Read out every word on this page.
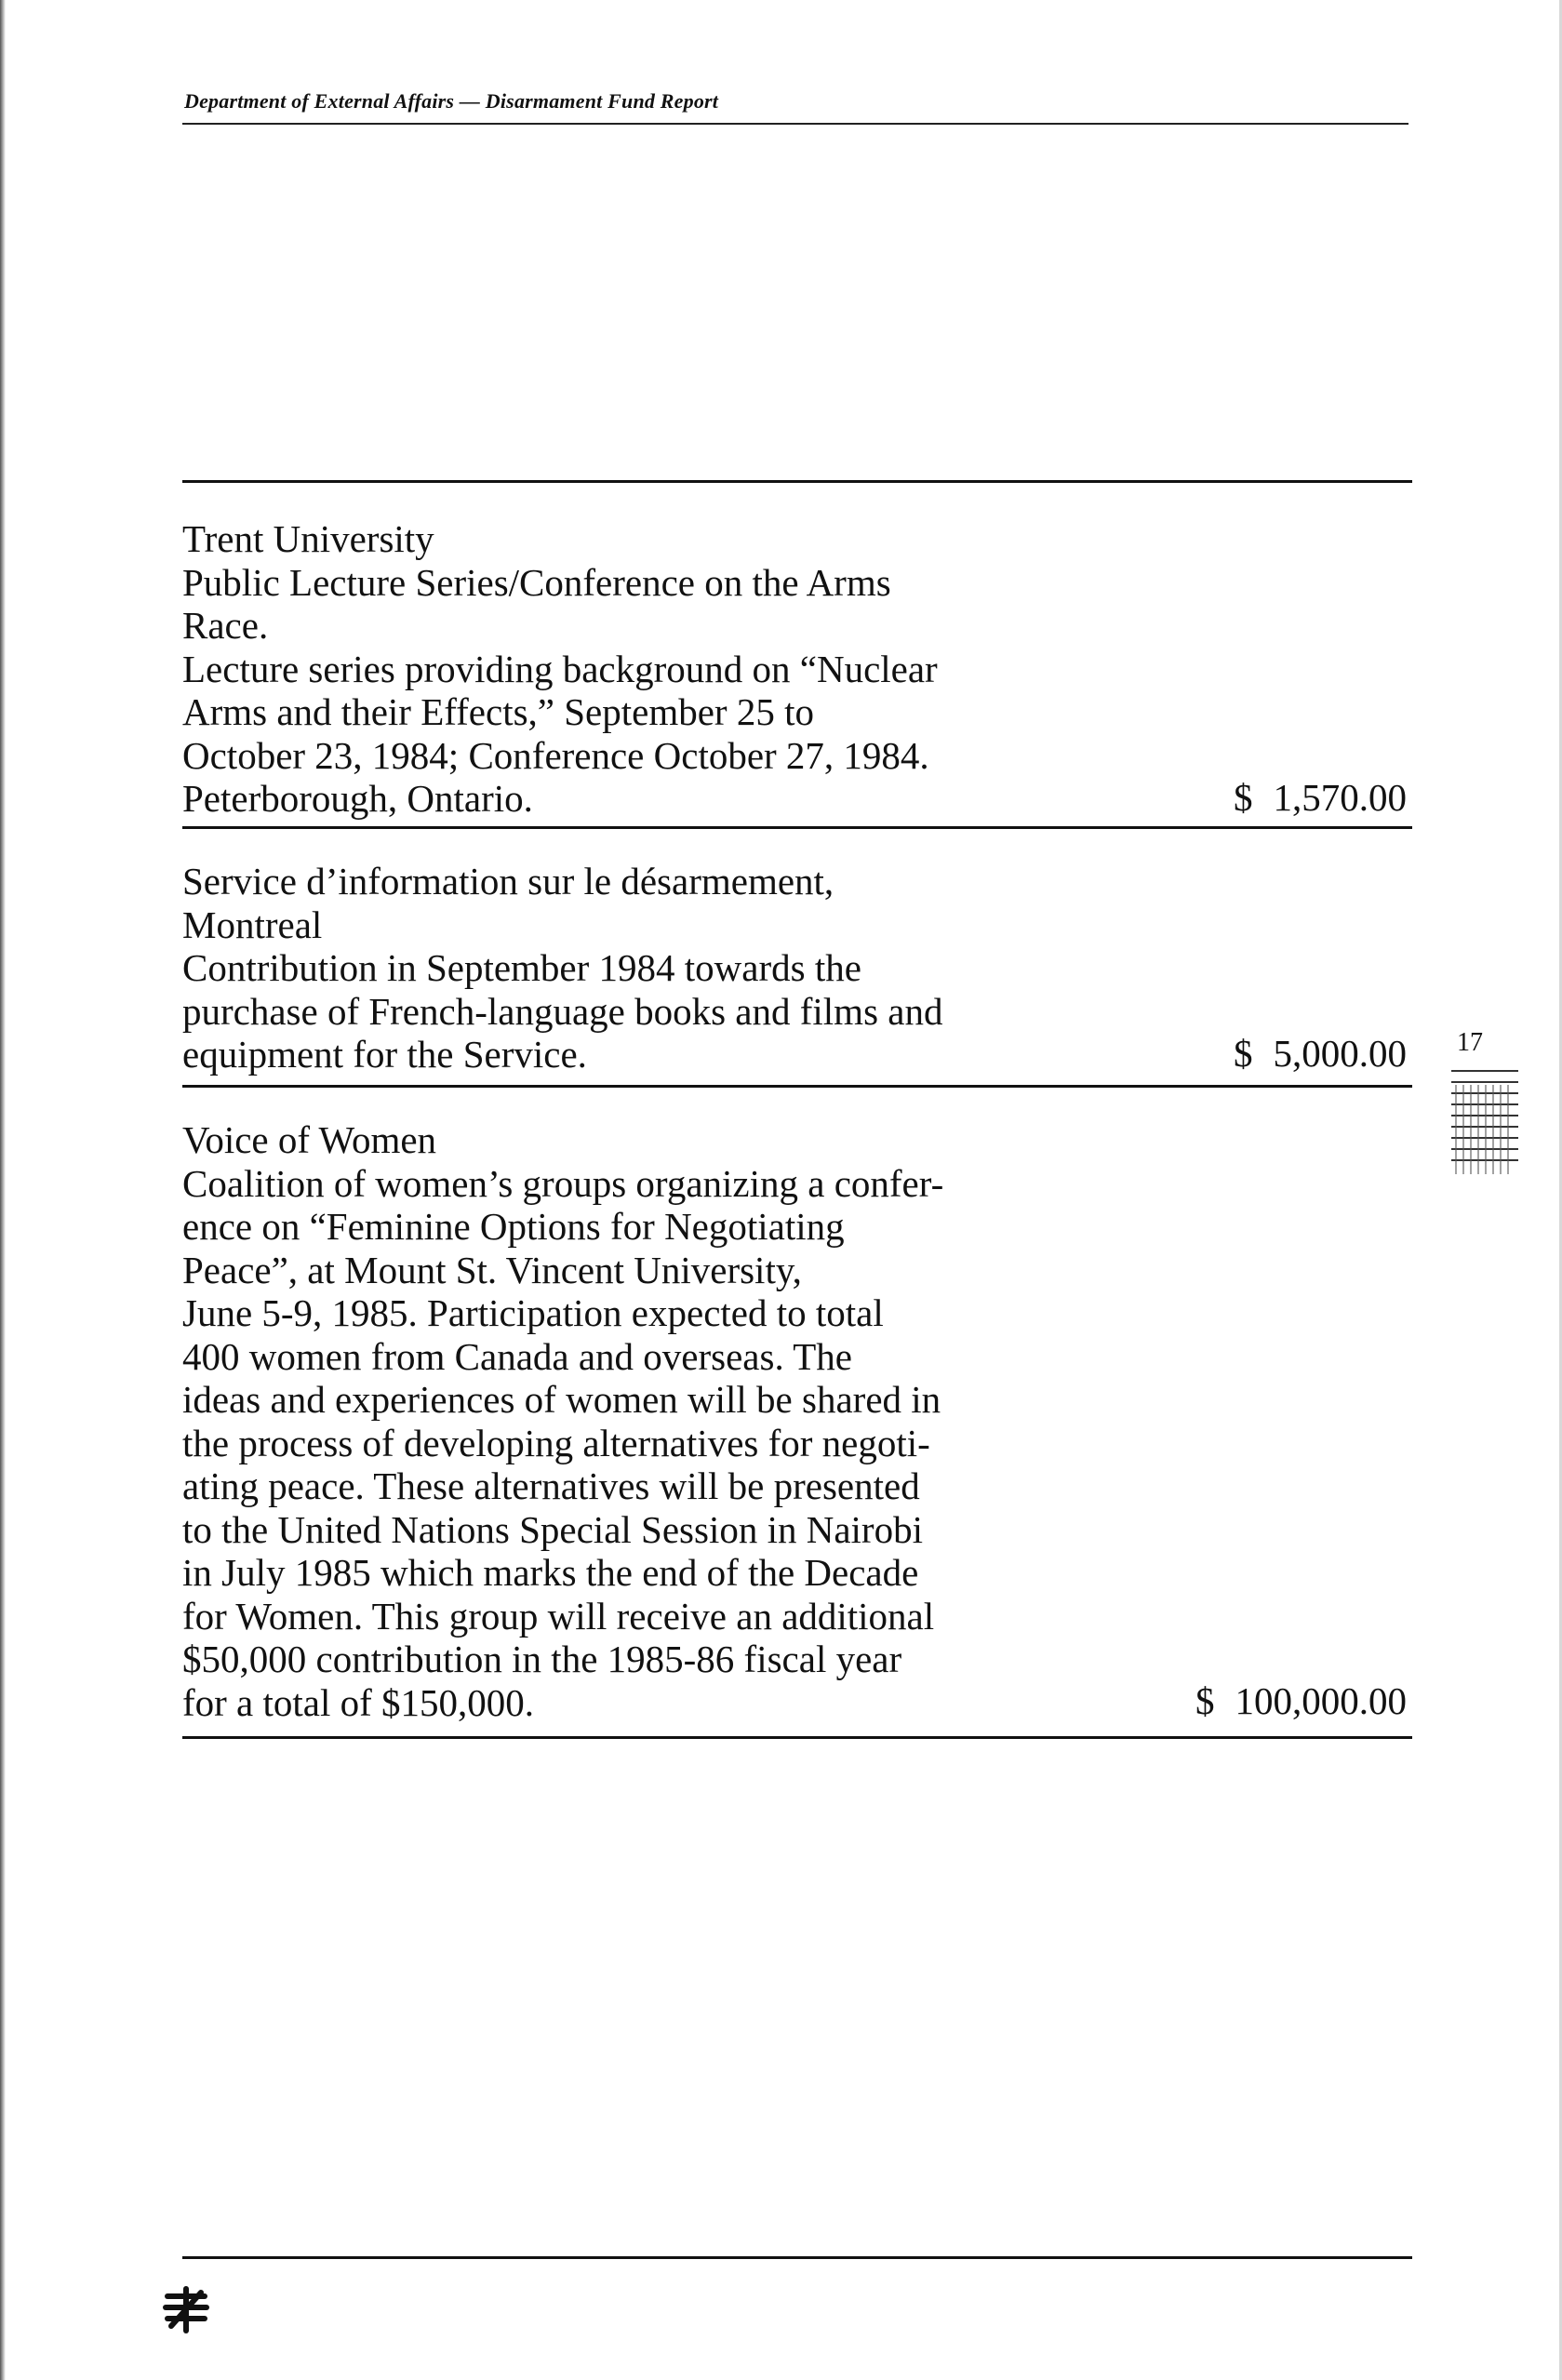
Department of External Affairs — Disarmament Fund Report
Trent University
Public Lecture Series/Conference on the Arms
Race.
Lecture series providing background on “Nuclear
Arms and their Effects,” September 25 to
October 23, 1984; Conference October 27, 1984.
Peterborough, Ontario.	$ 1,570.00
Service d’information sur le désarmement,
Montreal
Contribution in September 1984 towards the
purchase of French-language books and films and
equipment for the Service.	$ 5,000.00
Voice of Women
Coalition of women’s groups organizing a confer-
ence on “Feminine Options for Negotiating
Peace”, at Mount St. Vincent University,
June 5-9, 1985. Participation expected to total
400 women from Canada and overseas. The
ideas and experiences of women will be shared in
the process of developing alternatives for negoti-
ating peace. These alternatives will be presented
to the United Nations Special Session in Nairobi
in July 1985 which marks the end of the Decade
for Women. This group will receive an additional
$50,000 contribution in the 1985-86 fiscal year
for a total of $150,000.	$ 100,000.00
17
